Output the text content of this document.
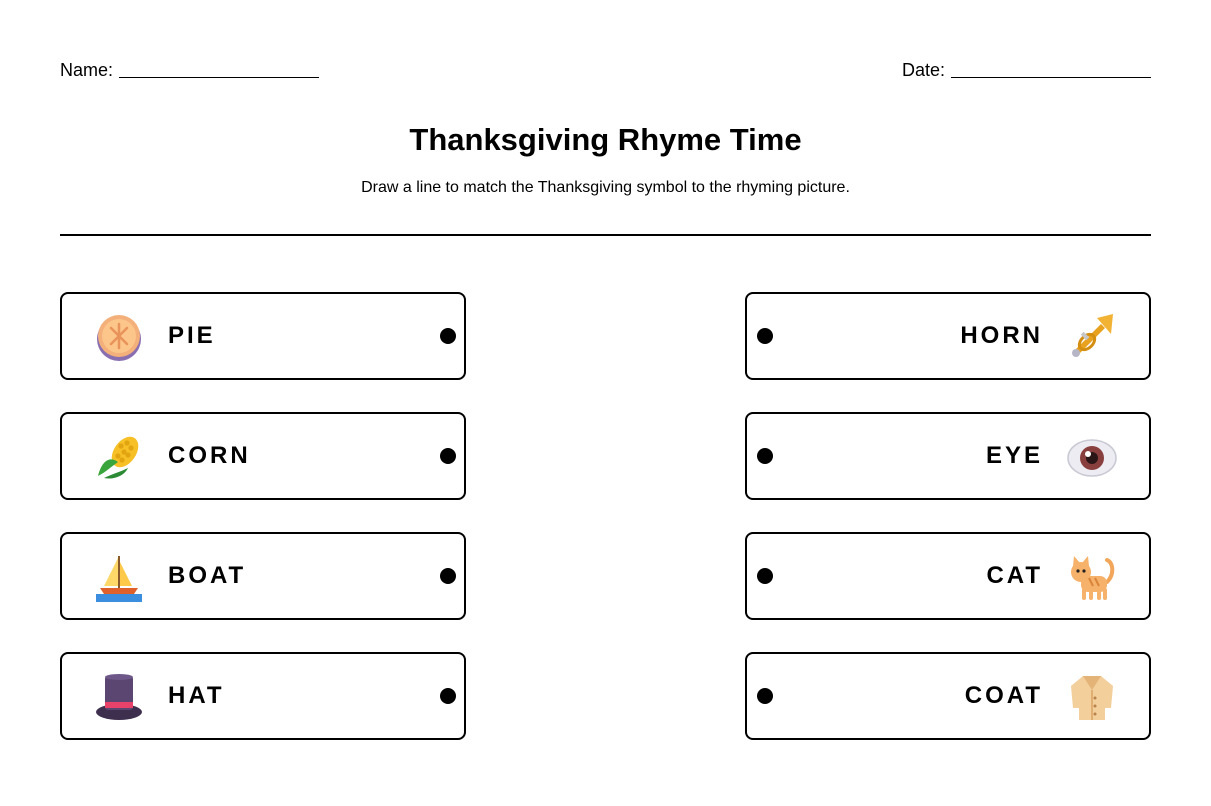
Name:	Date:
Thanksgiving Rhyme Time
Draw a line to match the Thanksgiving symbol to the rhyming picture.
PIE
CORN
BOAT
HAT
HORN
EYE
CAT
COAT
